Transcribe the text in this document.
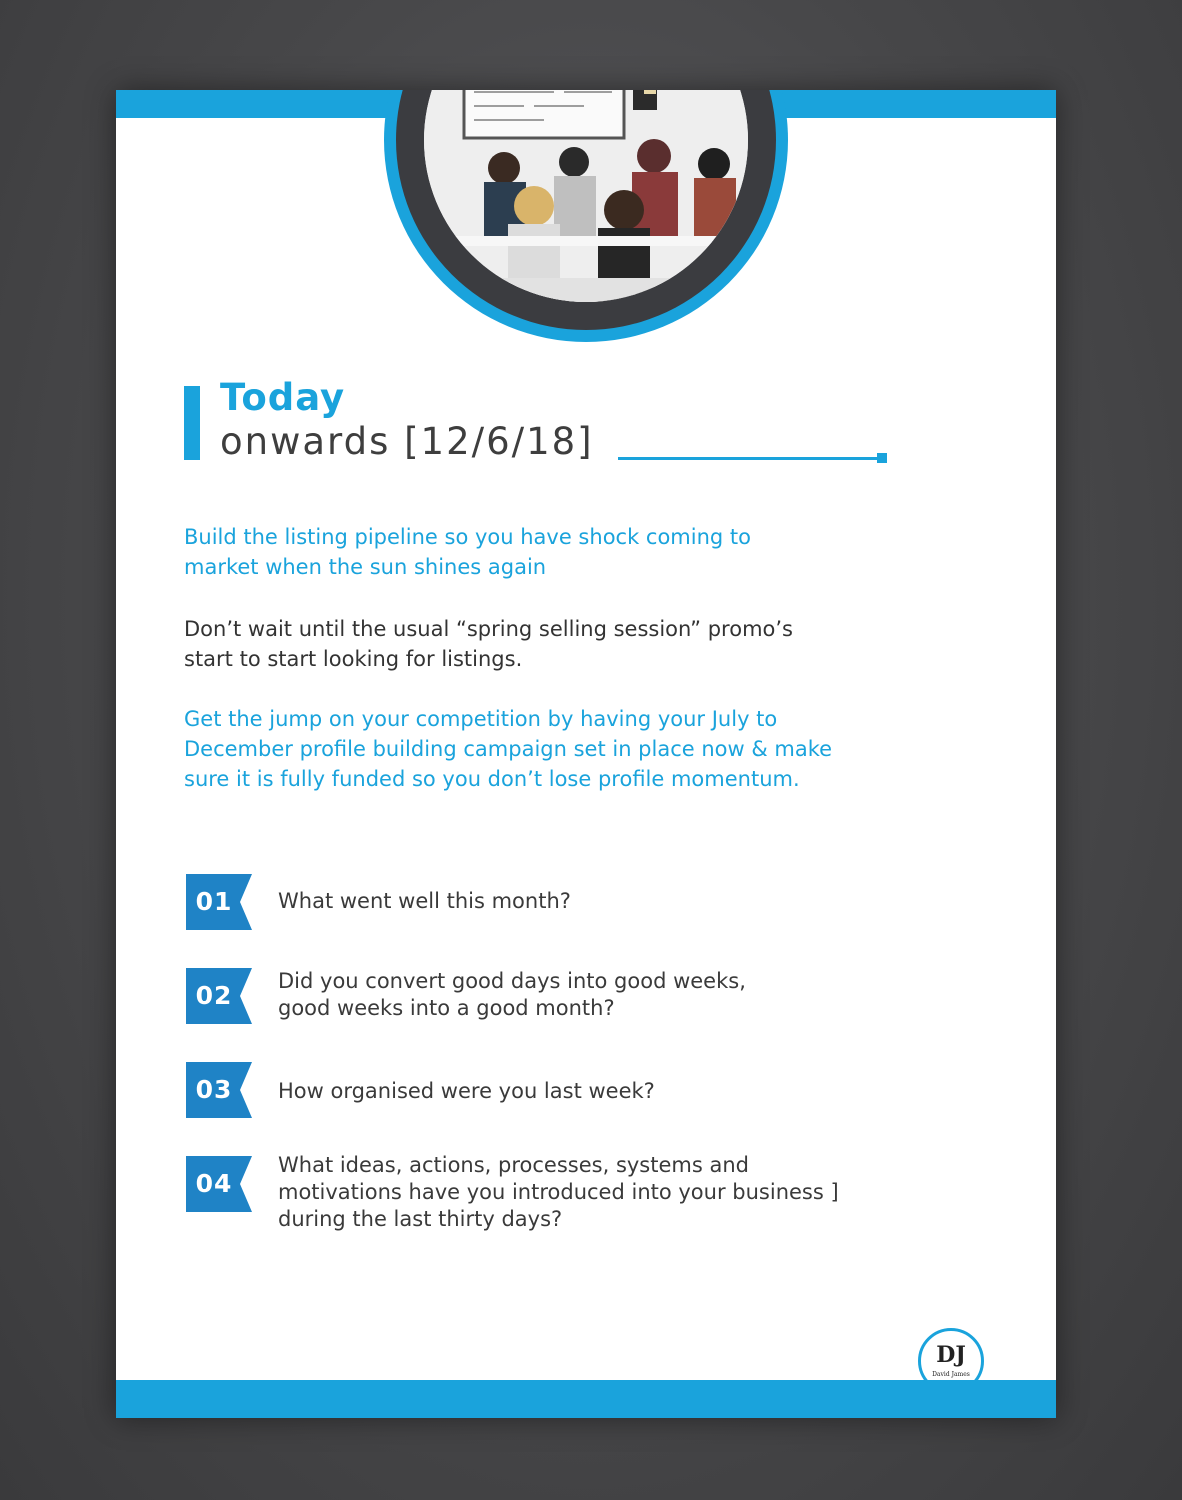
Today
onwards [12/6/18]

Build the listing pipeline so you have shock coming to

market when the sun shines again

Don’t wait until the usual “spring selling session” promo’s

start to start looking for listings.

Get the jump on your competition by having your July to

December profile building campaign set in place now & make

sure it is fully funded so you don’t lose profile momentum.

01 What went well this month?
02 Did you convert good days into good weeks,
good weeks into a good month?
03 How organised were you last week?
04
What ideas, actions, processes, systems and
motivations have you introduced into your business ]
during the last thirty days?
DJ
David James
